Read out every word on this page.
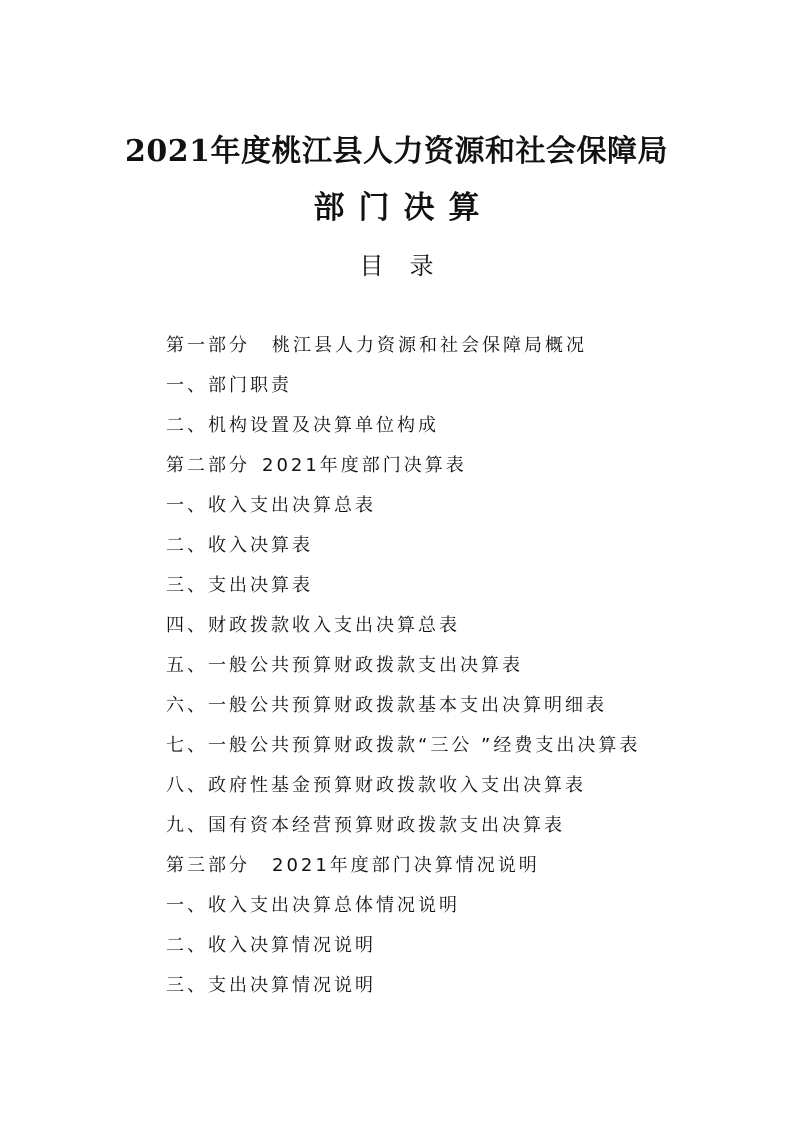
2021年度桃江县人力资源和社会保障局
部门决算
目录
第一部分 桃江县人力资源和社会保障局概况
一、部门职责
二、机构设置及决算单位构成
第二部分 2021年度部门决算表
一、收入支出决算总表
二、收入决算表
三、支出决算表
四、财政拨款收入支出决算总表
五、一般公共预算财政拨款支出决算表
六、一般公共预算财政拨款基本支出决算明细表
七、一般公共预算财政拨款“三公 ”经费支出决算表
八、政府性基金预算财政拨款收入支出决算表
九、国有资本经营预算财政拨款支出决算表
第三部分 2021年度部门决算情况说明
一、收入支出决算总体情况说明
二、收入决算情况说明
三、支出决算情况说明
